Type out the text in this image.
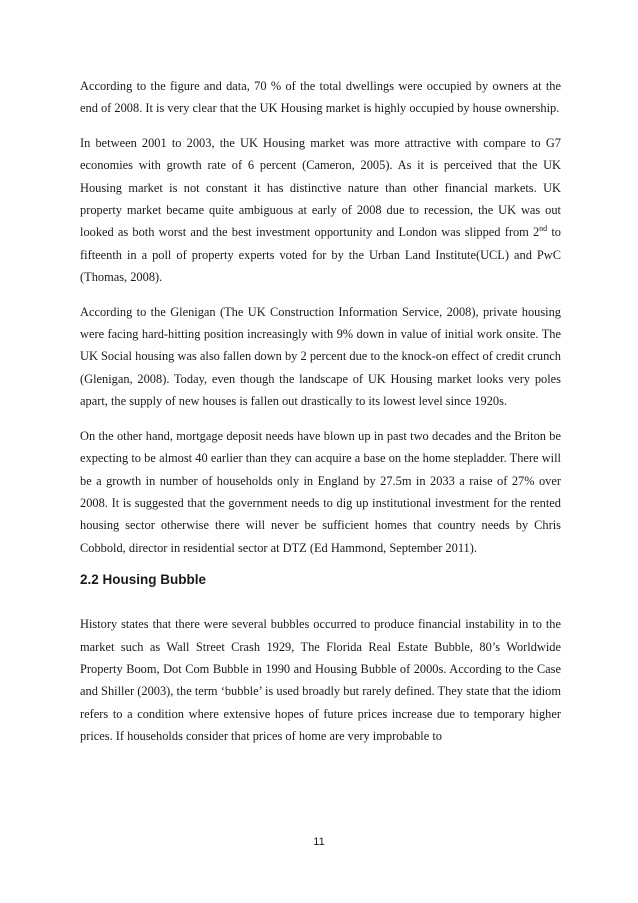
According to the figure and data, 70 % of the total dwellings were occupied by owners at the end of 2008. It is very clear that the UK Housing market is highly occupied by house ownership.

In between 2001 to 2003, the UK Housing market was more attractive with compare to G7 economies with growth rate of 6 percent (Cameron, 2005). As it is perceived that the UK Housing market is not constant it has distinctive nature than other financial markets. UK property market became quite ambiguous at early of 2008 due to recession, the UK was out looked as both worst and the best investment opportunity and London was slipped from 2nd to fifteenth in a poll of property experts voted for by the Urban Land Institute(UCL) and PwC (Thomas, 2008).

According to the Glenigan (The UK Construction Information Service, 2008), private housing were facing hard-hitting position increasingly with 9% down in value of initial work onsite. The UK Social housing was also fallen down by 2 percent due to the knock-on effect of credit crunch (Glenigan, 2008). Today, even though the landscape of UK Housing market looks very poles apart, the supply of new houses is fallen out drastically to its lowest level since 1920s.

On the other hand, mortgage deposit needs have blown up in past two decades and the Briton be expecting to be almost 40 earlier than they can acquire a base on the home stepladder. There will be a growth in number of households only in England by 27.5m in 2033 a raise of 27% over 2008. It is suggested that the government needs to dig up institutional investment for the rented housing sector otherwise there will never be sufficient homes that country needs by Chris Cobbold, director in residential sector at DTZ (Ed Hammond, September 2011).

2.2 Housing Bubble

History states that there were several bubbles occurred to produce financial instability in to the market such as Wall Street Crash 1929, The Florida Real Estate Bubble, 80’s Worldwide Property Boom, Dot Com Bubble in 1990 and Housing Bubble of 2000s. According to the Case and Shiller (2003), the term ‘bubble’ is used broadly but rarely defined. They state that the idiom refers to a condition where extensive hopes of future prices increase due to temporary higher prices. If households consider that prices of home are very improbable to

11
